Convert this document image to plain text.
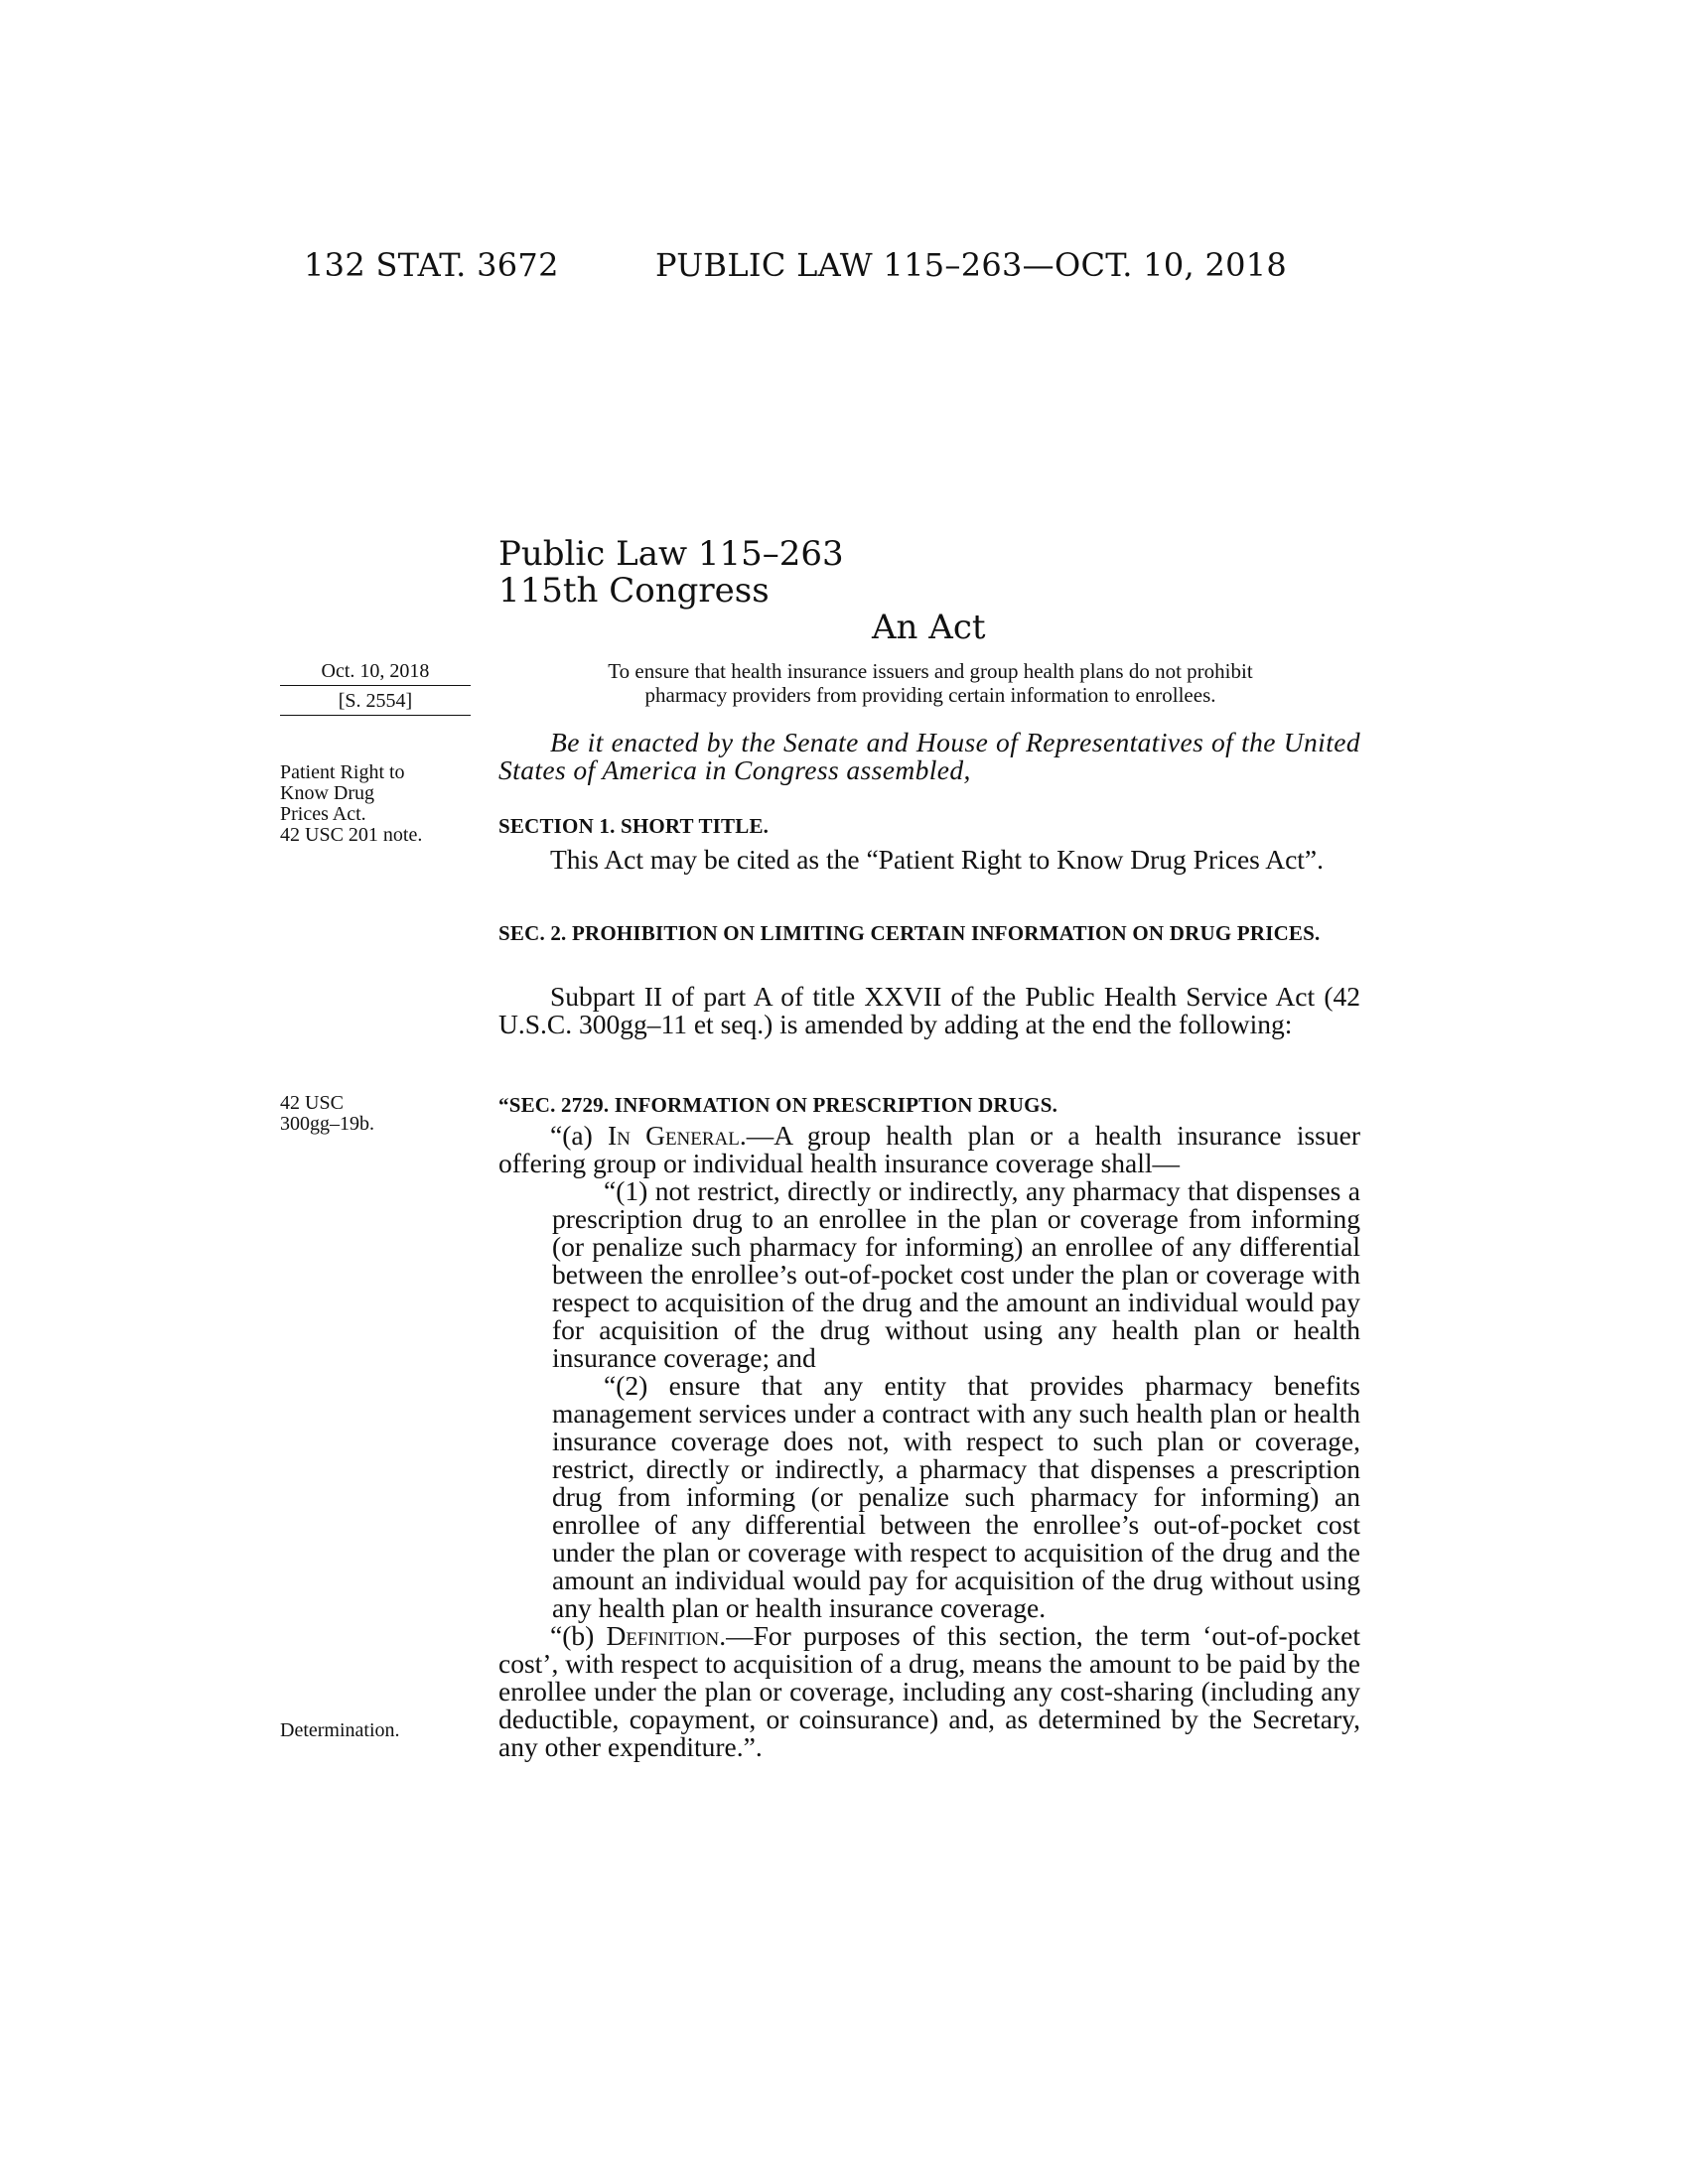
132 STAT. 3672	PUBLIC LAW 115–263—OCT. 10, 2018
Public Law 115–263
115th Congress
An Act
Oct. 10, 2018
[S. 2554]
Patient Right to
Know Drug
Prices Act.
42 USC 201 note.
42 USC
300gg–19b.
Determination.
To ensure that health insurance issuers and group health plans do not prohibit
pharmacy providers from providing certain information to enrollees.

Be it enacted by the Senate and House of Representatives of the United States of America in Congress assembled,

SECTION 1. SHORT TITLE.

This Act may be cited as the “Patient Right to Know Drug Prices Act”.

SEC. 2. PROHIBITION ON LIMITING CERTAIN INFORMATION ON DRUG PRICES.

Subpart II of part A of title XXVII of the Public Health Service Act (42 U.S.C. 300gg–11 et seq.) is amended by adding at the end the following:

“SEC. 2729. INFORMATION ON PRESCRIPTION DRUGS.

“(a) In General.—A group health plan or a health insurance issuer offering group or individual health insurance coverage shall—

“(1) not restrict, directly or indirectly, any pharmacy that dispenses a prescription drug to an enrollee in the plan or coverage from informing (or penalize such pharmacy for informing) an enrollee of any differential between the enrollee’s out-of-pocket cost under the plan or coverage with respect to acquisition of the drug and the amount an individual would pay for acquisition of the drug without using any health plan or health insurance coverage; and

“(2) ensure that any entity that provides pharmacy benefits management services under a contract with any such health plan or health insurance coverage does not, with respect to such plan or coverage, restrict, directly or indirectly, a pharmacy that dispenses a prescription drug from informing (or penalize such pharmacy for informing) an enrollee of any differential between the enrollee’s out-of-pocket cost under the plan or coverage with respect to acquisition of the drug and the amount an individual would pay for acquisition of the drug without using any health plan or health insurance coverage.

“(b) Definition.—For purposes of this section, the term ‘out-of-pocket cost’, with respect to acquisition of a drug, means the amount to be paid by the enrollee under the plan or coverage, including any cost-sharing (including any deductible, copayment, or coinsurance) and, as determined by the Secretary, any other expenditure.”.
